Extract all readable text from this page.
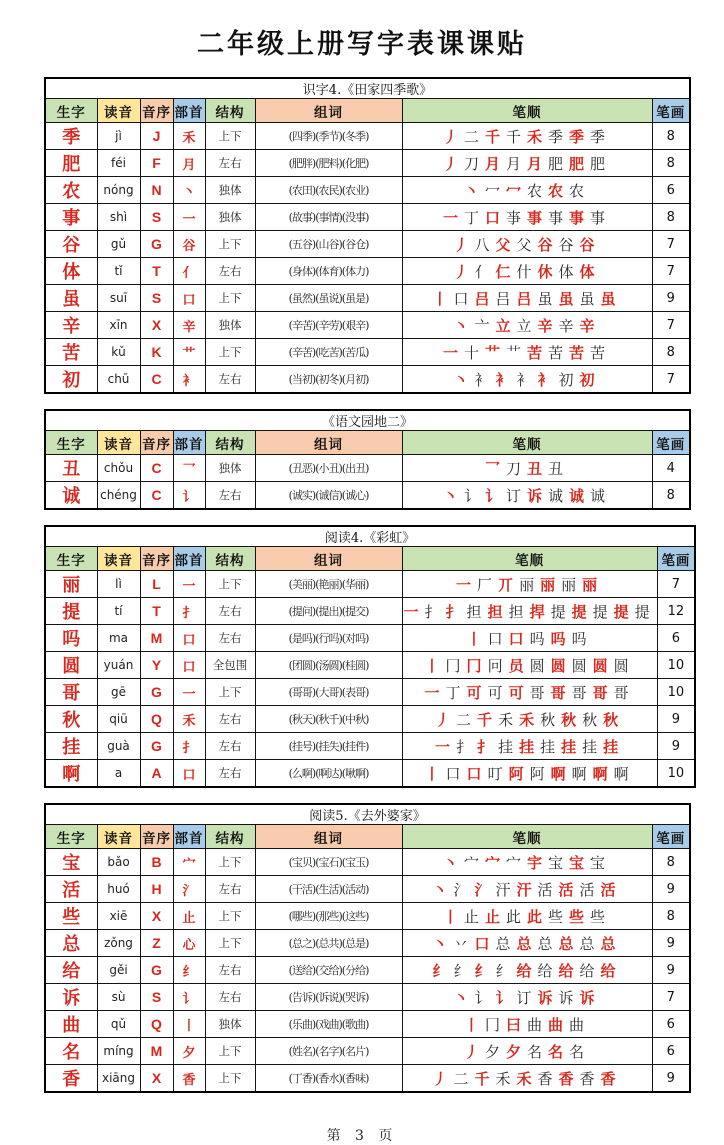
二年级上册写字表课课贴
识字4.《田家四季歌》							
生字	读音	音序	部首	结构	组词	笔顺	笔画
季	jì	J	禾	上下	(四季)(季节)(冬季)	丿二千千禾季季季	8
肥	féi	F	月	左右	(肥胖)(肥料)(化肥)	丿刀月月月肥肥肥	8
农	nóng	N	丶	独体	(农田)(农民)(农业)	丶冖冖农农农	6
事	shì	S	一	独体	(故事)(事情)(没事)	一丁口亊事事事事	8
谷	gǔ	G	谷	上下	(五谷)(山谷)(谷仓)	丿八父父谷谷谷	7
体	tǐ	T	亻	左右	(身体)(体育)(体力)	丿亻仁什休体体	7
虽	suī	S	口	上下	(虽然)(虽说)(虽是)	丨口吕吕吕虽虽虽虽	9
辛	xīn	X	辛	独体	(辛苦)(辛劳)(艰辛)	丶亠立立辛辛辛	7
苦	kǔ	K	艹	上下	(辛苦)(吃苦)(苦瓜)	一十艹艹苦苦苦苦	8
初	chū	C	衤	左右	(当初)(初冬)(月初)	丶衤衤衤衤初初	7
《语文园地二》							
生字	读音	音序	部首	结构	组词	笔顺	笔画
丑	chǒu	C	乛	独体	(丑恶)(小丑)(出丑)	乛刀丑丑	4
诚	chéng	C	讠	左右	(诚实)(诚信)(诚心)	丶讠讠订诉诚诚诚	8
阅读4.《彩虹》							
生字	读音	音序	部首	结构	组词	笔顺	笔画
丽	lì	L	一	上下	(美丽)(艳丽)(华丽)	一厂丌丽丽丽丽	7
提	tí	T	扌	左右	(提问)(提出)(提交)	一扌扌担担担捍提提提提提	12
吗	ma	M	口	左右	(是吗)(行吗)(对吗)	丨口口吗吗吗	6
圆	yuán	Y	口	全包围	(团圆)(汤圆)(桂圆)	丨冂冂冋员圆圆圆圆圆	10
哥	gē	G	一	上下	(哥哥)(大哥)(表哥)	一丁可可可哥哥哥哥哥	10
秋	qiū	Q	禾	左右	(秋天)(秋千)(中秋)	丿二千禾禾秋秋秋秋	9
挂	guà	G	扌	左右	(挂号)(挂失)(挂件)	一扌扌挂挂挂挂挂挂	9
啊	a	A	口	左右	(么啊)(啊达)(啾啊)	丨口口叮阿阿啊啊啊啊	10
阅读5.《去外婆家》							
生字	读音	音序	部首	结构	组词	笔顺	笔画
宝	bǎo	B	宀	上下	(宝贝)(宝石)(宝玉)	丶宀宀宀宇宝宝宝	8
活	huó	H	氵	左右	(干活)(生活)(活动)	丶氵氵汗汗活活活活	9
些	xiē	X	止	上下	(哪些)(那些)(这些)	丨止止此此些些些	8
总	zǒng	Z	心	上下	(总之)(总共)(总是)	丶丷口总总总总总总	9
给	gěi	G	纟	左右	(送给)(交给)(分给)	纟纟纟纟给给给给给	9
诉	sù	S	讠	左右	(告诉)(诉说)(哭诉)	丶讠讠订诉诉诉	7
曲	qǔ	Q	丨	独体	(乐曲)(戏曲)(歌曲)	丨冂曰曲曲曲	6
名	míng	M	夕	上下	(姓名)(名字)(名片)	丿夕夕名名名	6
香	xiāng	X	香	上下	(丁香)(香水)(香味)	丿二千禾禾香香香香	9
第 3 页
